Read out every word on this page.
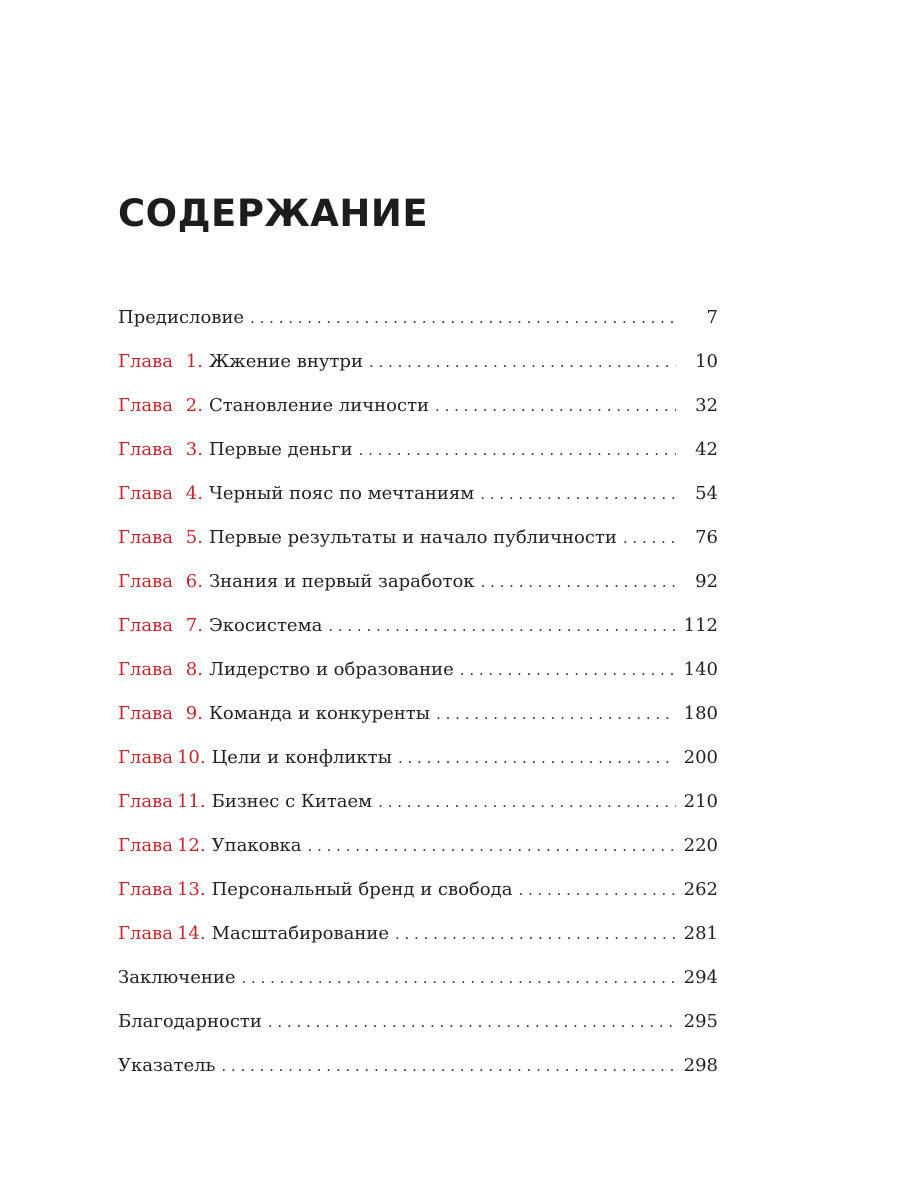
СОДЕРЖАНИЕ
Предисловие . . .	7
Глава 1. Жжение внутри . . .	10
Глава 2. Становление личности . . .	32
Глава 3. Первые деньги . . .	42
Глава 4. Черный пояс по мечтаниям . . .	54
Глава 5. Первые результаты и начало публичности . . .	76
Глава 6. Знания и первый заработок . . .	92
Глава 7. Экосистема . . .	112
Глава 8. Лидерство и образование . . .	140
Глава 9. Команда и конкуренты . . .	180
Глава 10. Цели и конфликты . . .	200
Глава 11. Бизнес с Китаем . . .	210
Глава 12. Упаковка . . .	220
Глава 13. Персональный бренд и свобода . . .	262
Глава 14. Масштабирование . . .	281
Заключение . . .	294
Благодарности . . .	295
Указатель . . .	298
